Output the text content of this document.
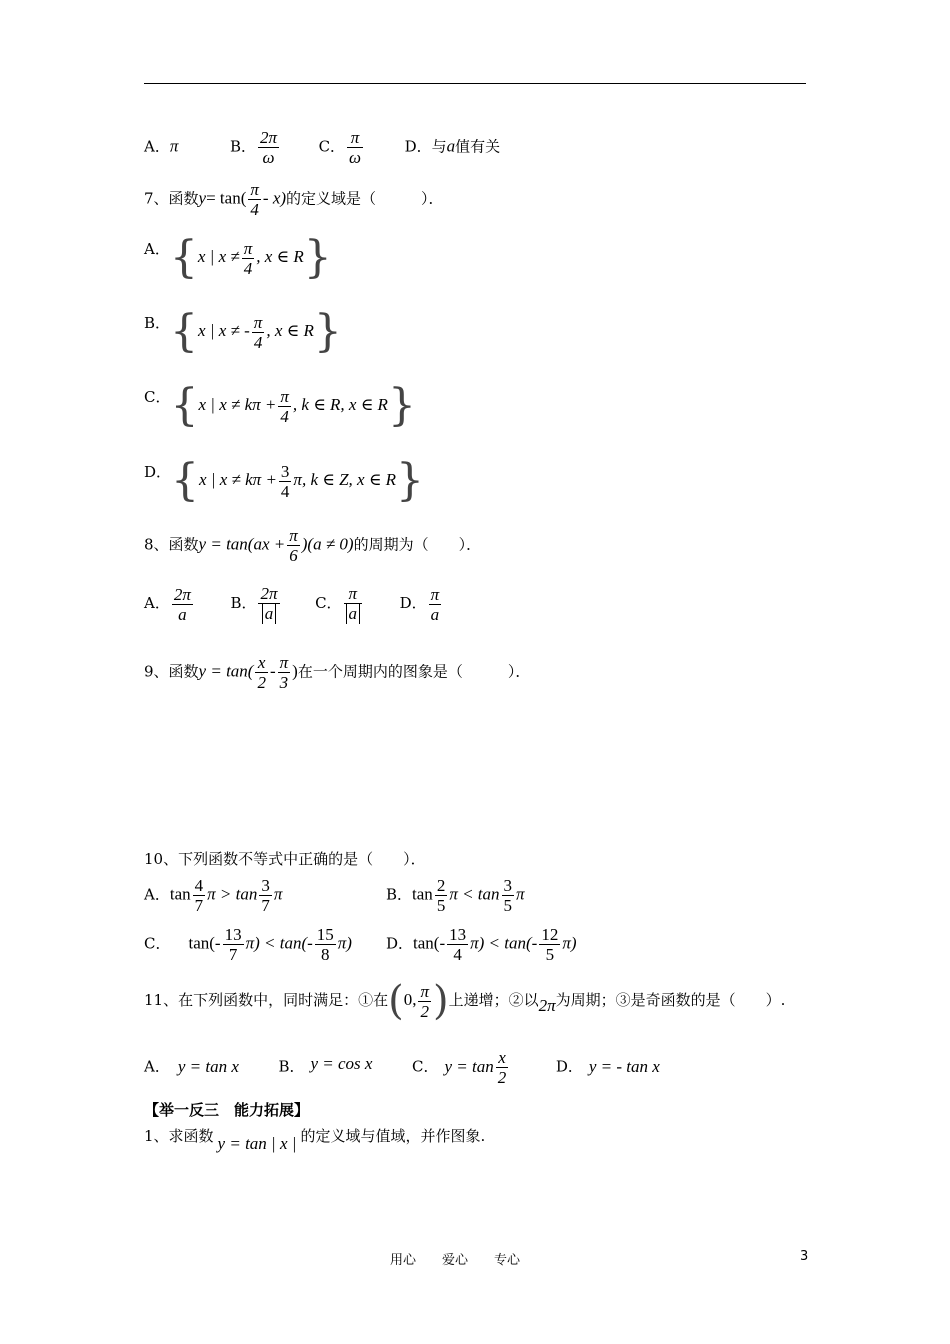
A．π	B． $\frac{2\pi}{\omega}$	C． $\frac{\pi}{\omega}$	D．与a值有关
7、函数$y= \tan( \frac{\pi}{4} - x)$的定义域是（　　　）．
A．{x | $x \ne \frac{\pi}{4}$ , x ∈ R}
B．{x | x ≠ - $\frac{\pi}{4}$ , x ∈ R}
C．{x | $x \ne k\pi + \frac{\pi}{4}$ , k ∈ R, x ∈ R}
D．{x | $x \ne k\pi + \frac{3}{4} \pi$, k ∈ Z, x ∈ R}
8、函数$y = \tan(ax + \frac{\pi}{6} )(a \ne 0)$的周期为（　　）．
A． $\frac{2\pi}{a}$	B． $\frac{2\pi}{a}$ C． $\frac{\pi}{a}$	D． $\frac{\pi}{a}$
9、函数$y = \tan( \frac{x}{2} - \frac{\pi}{3}$ )在一个周期内的图象是（　　　）．
10、下列函数不等式中正确的是（　　）．
A．$\tan \frac{4}{7}$ $\pi > \tan \frac{3}{7}$ π	B．$\tan \frac{2}{5}$ $\pi < \tan \frac{3}{5}$ π
C． $\tan(- \frac{13}{7} \pi) < \tan(- \frac{15}{8} \pi)$ D．$\tan(- \frac{13}{4} \pi) < \tan(- \frac{12}{5} \pi)$
11、在下列函数中，同时满足：①在(0, $\frac{\pi}{2}$ )上递增；②以2π为周期；③是奇函数的是（　　）.
A． y = tan x	B． y = cos x	C． $y = \tan \frac{x}{2}$	D． y = - tan x
【举一反三　能力拓展】
1、求函数 y = tan | x | 的定义域与值域，并作图象.
用心　　爱心　　专心	3
